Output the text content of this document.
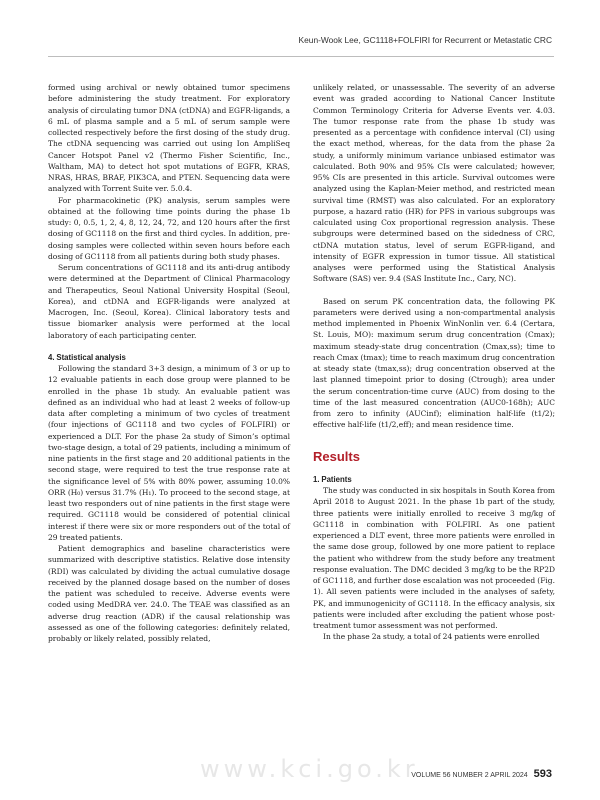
Keun-Wook Lee, GC1118+FOLFIRI for Recurrent or Metastatic CRC

formed using archival or newly obtained tumor specimens before administering the study treatment. For exploratory analysis of circulating tumor DNA (ctDNA) and EGFR-ligands, a 6 mL of plasma sample and a 5 mL of serum sample were collected respectively before the first dosing of the study drug. The ctDNA sequencing was carried out using Ion AmpliSeq Cancer Hotspot Panel v2 (Thermo Fisher Scientific, Inc., Waltham, MA) to detect hot spot mutations of EGFR, KRAS, NRAS, HRAS, BRAF, PIK3CA, and PTEN. Sequencing data were analyzed with Torrent Suite ver. 5.0.4.

For pharmacokinetic (PK) analysis, serum samples were obtained at the following time points during the phase 1b study: 0, 0.5, 1, 2, 4, 8, 12, 24, 72, and 120 hours after the first dosing of GC1118 on the first and third cycles. In addition, pre-dosing samples were collected within seven hours before each dosing of GC1118 from all patients during both study phases.

Serum concentrations of GC1118 and its anti-drug antibody were determined at the Department of Clinical Pharmacology and Therapeutics, Seoul National University Hospital (Seoul, Korea), and ctDNA and EGFR-ligands were analyzed at Macrogen, Inc. (Seoul, Korea). Clinical laboratory tests and tissue biomarker analysis were performed at the local laboratory of each participating center.

4. Statistical analysis

Following the standard 3+3 design, a minimum of 3 or up to 12 evaluable patients in each dose group were planned to be enrolled in the phase 1b study. An evaluable patient was defined as an individual who had at least 2 weeks of follow-up data after completing a minimum of two cycles of treatment (four injections of GC1118 and two cycles of FOLFIRI) or experienced a DLT. For the phase 2a study of Simon’s optimal two-stage design, a total of 29 patients, including a minimum of nine patients in the first stage and 20 additional patients in the second stage, were required to test the true response rate at the significance level of 5% with 80% power, assuming 10.0% ORR (H₀) versus 31.7% (H₁). To proceed to the second stage, at least two responders out of nine patients in the first stage were required. GC1118 would be considered of potential clinical interest if there were six or more responders out of the total of 29 treated patients.

Patient demographics and baseline characteristics were summarized with descriptive statistics. Relative dose intensity (RDI) was calculated by dividing the actual cumulative dosage received by the planned dosage based on the number of doses the patient was scheduled to receive. Adverse events were coded using MedDRA ver. 24.0. The TEAE was classified as an adverse drug reaction (ADR) if the causal relationship was assessed as one of the following categories: definitely related, probably or likely related, possibly related,

unlikely related, or unassessable. The severity of an adverse event was graded according to National Cancer Institute Common Terminology Criteria for Adverse Events ver. 4.03. The tumor response rate from the phase 1b study was presented as a percentage with confidence interval (CI) using the exact method, whereas, for the data from the phase 2a study, a uniformly minimum variance unbiased estimator was calculated. Both 90% and 95% CIs were calculated; however, 95% CIs are presented in this article. Survival outcomes were analyzed using the Kaplan-Meier method, and restricted mean survival time (RMST) was also calculated. For an exploratory purpose, a hazard ratio (HR) for PFS in various subgroups was calculated using Cox proportional regression analysis. These subgroups were determined based on the sidedness of CRC, ctDNA mutation status, level of serum EGFR-ligand, and intensity of EGFR expression in tumor tissue. All statistical analyses were performed using the Statistical Analysis Software (SAS) ver. 9.4 (SAS Institute Inc., Cary, NC).

Based on serum PK concentration data, the following PK parameters were derived using a non-compartmental analysis method implemented in Phoenix WinNonlin ver. 6.4 (Certara, St. Louis, MO): maximum serum drug concentration (Cmax); maximum steady-state drug concentration (Cmax,ss); time to reach Cmax (tmax); time to reach maximum drug concentration at steady state (tmax,ss); drug concentration observed at the last planned timepoint prior to dosing (Ctrough); area under the serum concentration-time curve (AUC) from dosing to the time of the last measured concentration (AUC0-168h); AUC from zero to infinity (AUCinf); elimination half-life (t1/2); effective half-life (t1/2,eff); and mean residence time.

Results
1. Patients

The study was conducted in six hospitals in South Korea from April 2018 to August 2021. In the phase 1b part of the study, three patients were initially enrolled to receive 3 mg/kg of GC1118 in combination with FOLFIRI. As one patient experienced a DLT event, three more patients were enrolled in the same dose group, followed by one more patient to replace the patient who withdrew from the study before any treatment response evaluation. The DMC decided 3 mg/kg to be the RP2D of GC1118, and further dose escalation was not proceeded (Fig. 1). All seven patients were included in the analyses of safety, PK, and immunogenicity of GC1118. In the efficacy analysis, six patients were included after excluding the patient whose post-treatment tumor assessment was not performed.

In the phase 2a study, a total of 24 patients were enrolled

www.kci.go.kr
VOLUME 56 NUMBER 2 APRIL 2024 593
